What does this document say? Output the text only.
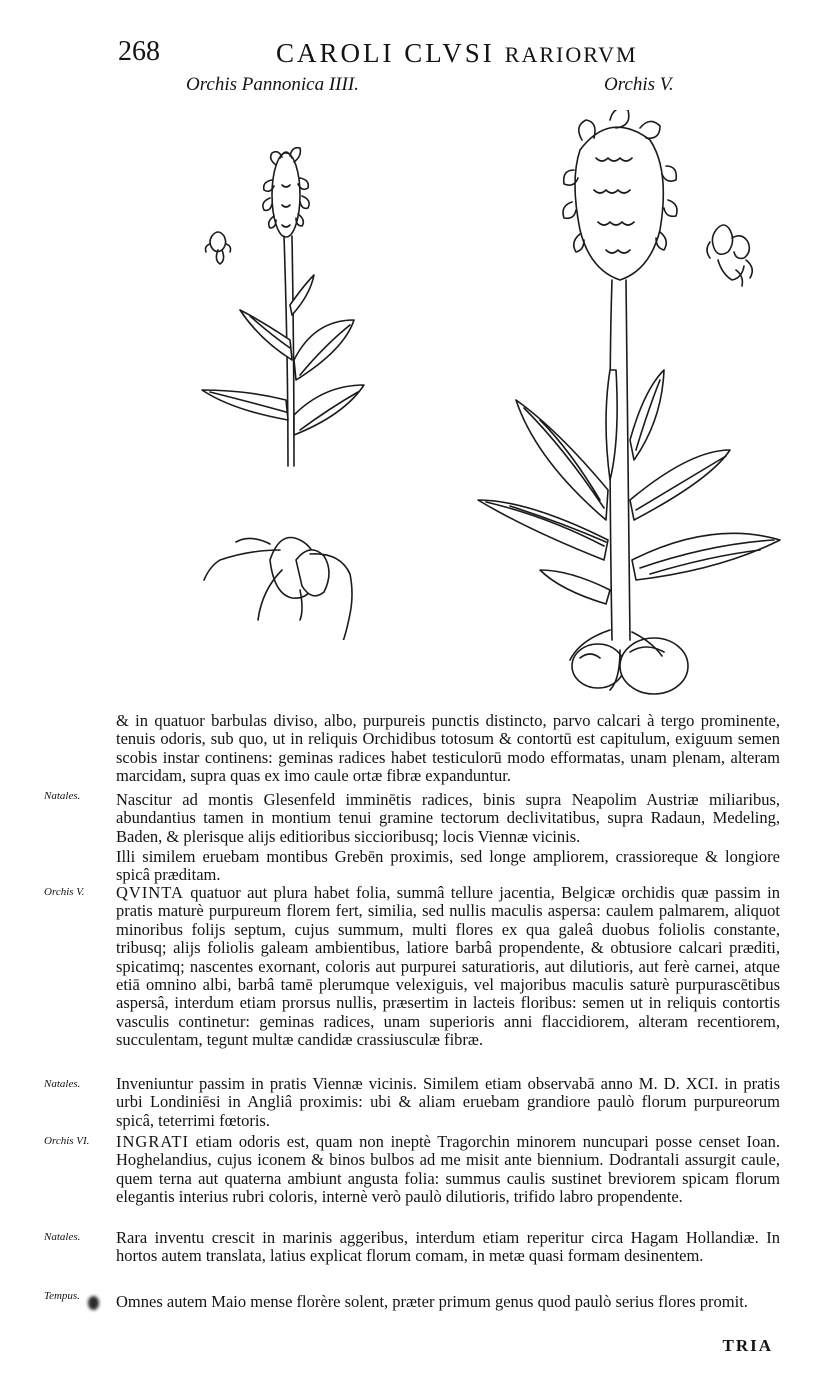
268	CAROLI CLVSI RARIORVM
Orchis Pannonica IIII.	Orchis V.
Natales.
Orchis V.
Natales.
Orchis VI.
Natales.
Tempus.

& in quatuor barbulas diviso, albo, purpureis punctis distincto, parvo calcari à tergo prominente, tenuis odoris, sub quo, ut in reliquis Orchidibus totosum & contortū est capitulum, exiguum semen scobis instar continens: geminas radices habet testiculorū modo efformatas, unam plenam, alteram marcidam, supra quas ex imo caule ortæ fibræ expanduntur.

Nascitur ad montis Glesenfeld imminētis radices, binis supra Neapolim Austriæ miliaribus, abundantius tamen in montium tenui gramine tectorum declivitatibus, supra Radaun, Medeling, Baden, & plerisque alijs editioribus siccioribusq; locis Viennæ vicinis.

Illi similem eruebam montibus Grebēn proximis, sed longe ampliorem, crassioreque & longiore spicâ præditam.

QVINTA quatuor aut plura habet folia, summâ tellure jacentia, Belgicæ orchidis quæ passim in pratis maturè purpureum florem fert, similia, sed nullis maculis aspersa: caulem palmarem, aliquot minoribus folijs septum, cujus summum, multi flores ex qua galeâ duobus foliolis constante, tribusq; alijs foliolis galeam ambientibus, latiore barbâ propendente, & obtusiore calcari præditi, spicatimq; nascentes exornant, coloris aut purpurei saturatioris, aut dilutioris, aut ferè carnei, atque etiā omnino albi, barbâ tamē plerumque velexiguis, vel majoribus maculis saturè purpurascētibus aspersâ, interdum etiam prorsus nullis, præsertim in lacteis floribus: semen ut in reliquis contortis vasculis continetur: geminas radices, unam superioris anni flaccidiorem, alteram recentiorem, succulentam, tegunt multæ candidæ crassiusculæ fibræ.

Inveniuntur passim in pratis Viennæ vicinis. Similem etiam observabā anno M. D. XCI. in pratis urbi Londiniēsi in Angliâ proximis: ubi & aliam eruebam grandiore paulò florum purpureorum spicâ, teterrimi fœtoris.

INGRATI etiam odoris est, quam non ineptè Tragorchin minorem nuncupari posse censet Ioan. Hoghelandius, cujus iconem & binos bulbos ad me misit ante biennium. Dodrantali assurgit caule, quem terna aut quaterna ambiunt angusta folia: summus caulis sustinet breviorem spicam florum elegantis interius rubri coloris, internè verò paulò dilutioris, trifido labro propendente.

Rara inventu crescit in marinis aggeribus, interdum etiam reperitur circa Hagam Hollandiæ. In hortos autem translata, latius explicat florum comam, in metæ quasi formam desinentem.

Omnes autem Maio mense florère solent, præter primum genus quod paulò serius flores promit.

TRIA
